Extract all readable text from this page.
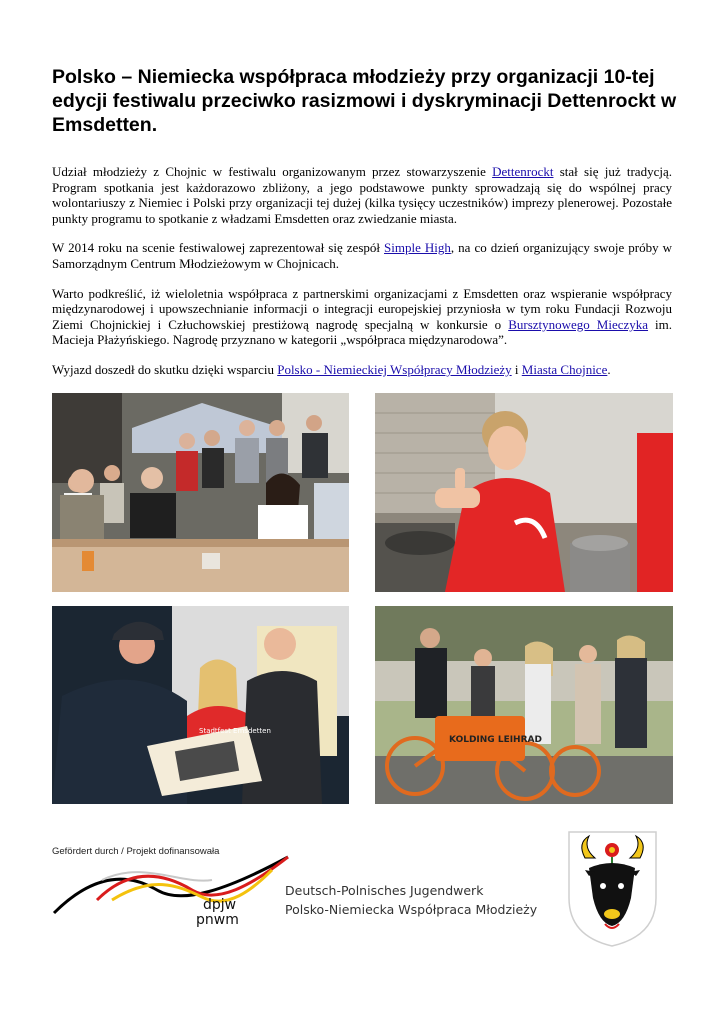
Polsko – Niemiecka współpraca młodzieży przy organizacji 10-tej edycji festiwalu przeciwko rasizmowi i dyskryminacji Dettenrockt w Emsdetten.

Udział młodzieży z Chojnic w festiwalu organizowanym przez stowarzyszenie Dettenrockt stał się już tradycją. Program spotkania jest każdorazowo zbliżony, a jego podstawowe punkty sprowadzają się do wspólnej pracy wolontariuszy z Niemiec i Polski przy organizacji tej dużej (kilka tysięcy uczestników) imprezy plenerowej. Pozostałe punkty programu to spotkanie z władzami Emsdetten oraz zwiedzanie miasta.

W 2014 roku na scenie festiwalowej zaprezentował się zespół Simple High, na co dzień organizujący swoje próby w Samorządnym Centrum Młodzieżowym w Chojnicach.

Warto podkreślić, iż wieloletnia współpraca z partnerskimi organizacjami z Emsdetten oraz wspieranie współpracy międzynarodowej i upowszechnianie informacji o integracji europejskiej przyniosła w tym roku Fundacji Rozwoju Ziemi Chojnickiej i Człuchowskiej prestiżową nagrodę specjalną w konkursie o Bursztynowego Mieczyka im. Macieja Płażyńskiego. Nagrodę przyznano w kategorii „współpraca międzynarodowa”.

Wyjazd doszedł do skutku dzięki wsparciu Polsko - Niemieckiej Współpracy Młodzieży i Miasta Chojnice.

Stadtfest Emsdetten
KOLDING LEIHRAD
Gefördert durch / Projekt dofinansowała
dpjw
pnwm
Deutsch-Polnisches Jugendwerk
Polsko-Niemiecka Współpraca Młodzieży
